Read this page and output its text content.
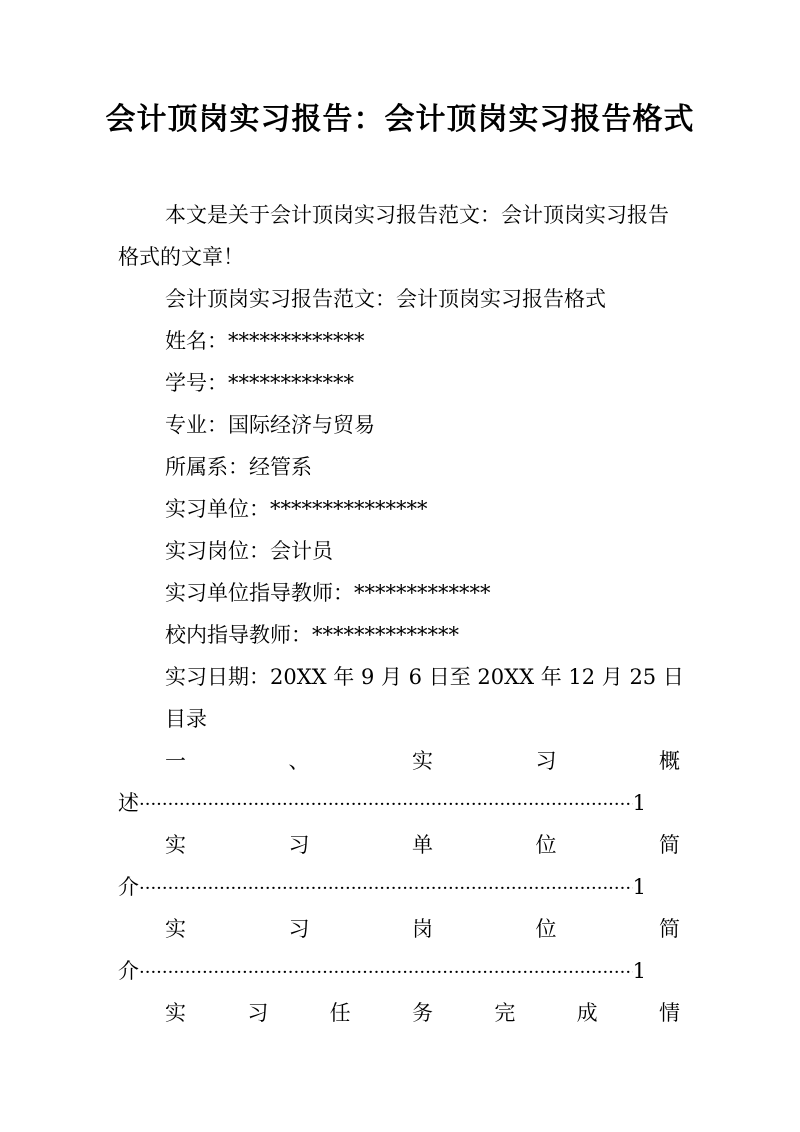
会计顶岗实习报告：会计顶岗实习报告格式
本文是关于会计顶岗实习报告范文：会计顶岗实习报告
格式的文章！
会计顶岗实习报告范文：会计顶岗实习报告格式
姓名：*************
学号：************
专业：国际经济与贸易
所属系：经管系
实习单位：***************
实习岗位：会计员
实习单位指导教师：*************
校内指导教师：**************
实习日期：20XX 年 9 月 6 日至 20XX 年 12 月 25 日
目录
一	、	实	习	概
述 ·····	1
实	习	单	位	简
介 ·····	1
实	习	岗	位	简
介 ·····	1
实	习	任	务	完	成	情
